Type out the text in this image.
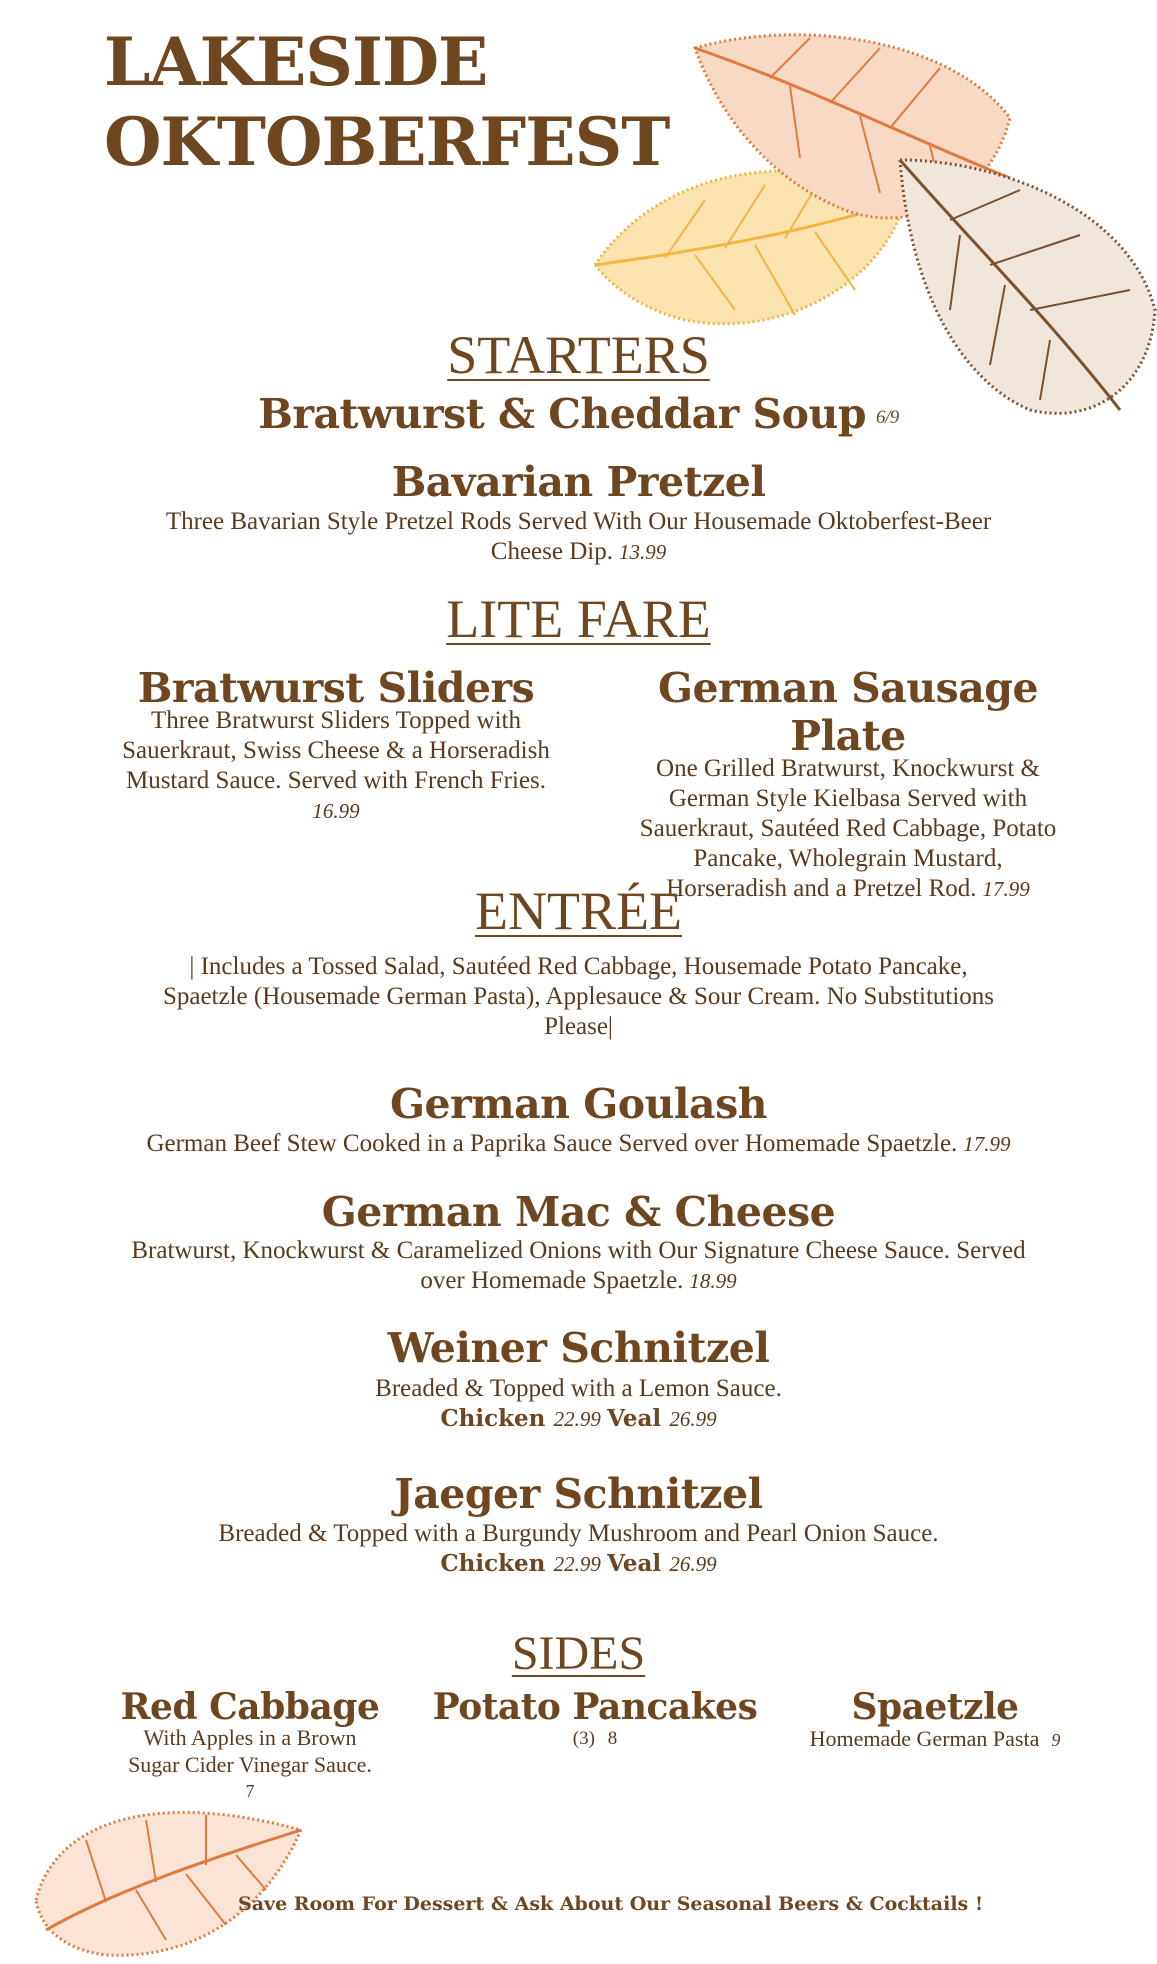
LAKESIDE
OKTOBERFEST
STARTERS
Bratwurst & Cheddar Soup 6/9
Bavarian Pretzel
Three Bavarian Style Pretzel Rods Served With Our Housemade Oktoberfest-Beer
Cheese Dip. 13.99
LITE FARE
Bratwurst Sliders
Three Bratwurst Sliders Topped with
Sauerkraut, Swiss Cheese & a Horseradish
Mustard Sauce. Served with French Fries.
16.99
German Sausage Plate
One Grilled Bratwurst, Knockwurst &
German Style Kielbasa Served with
Sauerkraut, Sautéed Red Cabbage, Potato
Pancake, Wholegrain Mustard,
Horseradish and a Pretzel Rod. 17.99
ENTRÉE
| Includes a Tossed Salad, Sautéed Red Cabbage, Housemade Potato Pancake,
Spaetzle (Housemade German Pasta), Applesauce & Sour Cream. No Substitutions
Please|
German Goulash
German Beef Stew Cooked in a Paprika Sauce Served over Homemade Spaetzle. 17.99
German Mac & Cheese
Bratwurst, Knockwurst & Caramelized Onions with Our Signature Cheese Sauce. Served
over Homemade Spaetzle. 18.99
Weiner Schnitzel
Breaded & Topped with a Lemon Sauce.
Chicken 22.99 Veal 26.99
Jaeger Schnitzel
Breaded & Topped with a Burgundy Mushroom and Pearl Onion Sauce.
Chicken 22.99 Veal 26.99
SIDES
Red Cabbage
With Apples in a Brown
Sugar Cider Vinegar Sauce.
7
Potato Pancakes
(3) 8
Spaetzle
Homemade German Pasta 9
Save Room For Dessert & Ask About Our Seasonal Beers & Cocktails !
